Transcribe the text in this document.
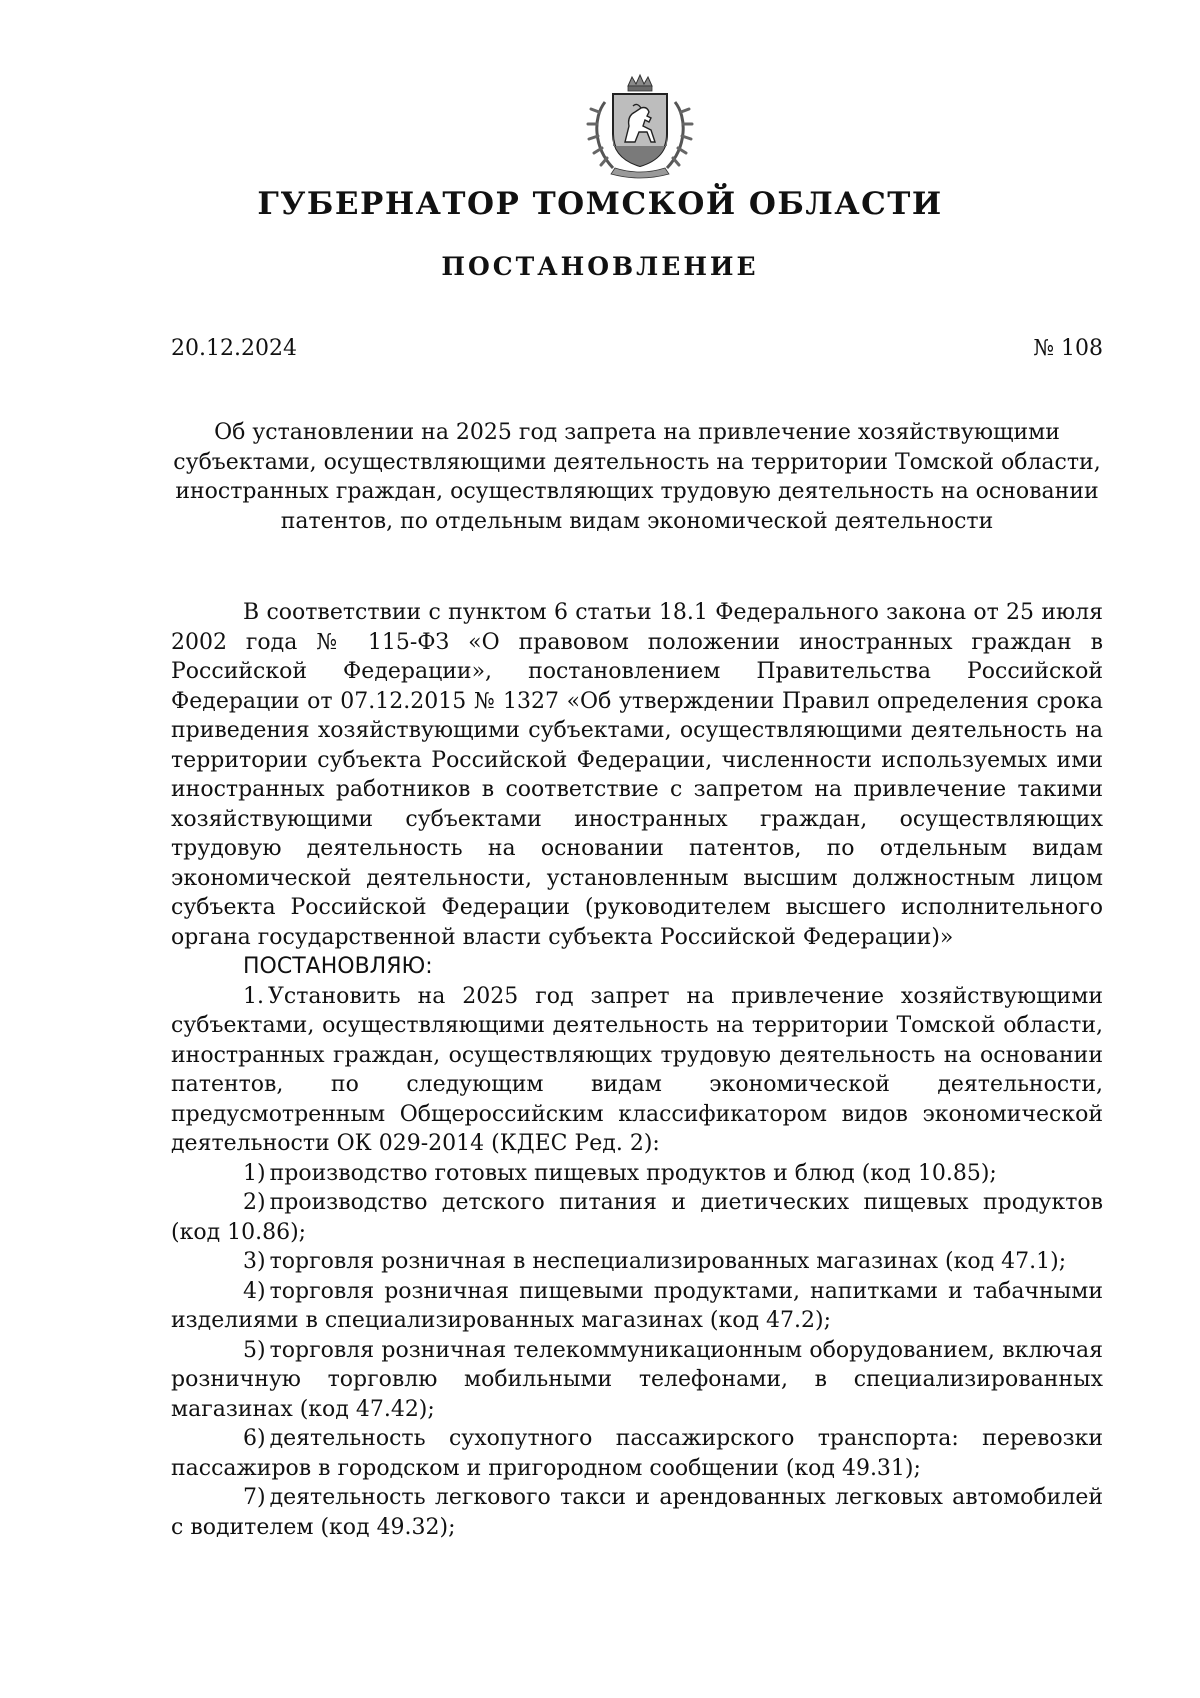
ГУБЕРНАТОР ТОМСКОЙ ОБЛАСТИ
ПОСТАНОВЛЕНИЕ
20.12.2024	№ 108
Об установлении на 2025 год запрета на привлечение хозяйствующими субъектами, осуществляющими деятельность на территории Томской области, иностранных граждан, осуществляющих трудовую деятельность на основании патентов, по отдельным видам экономической деятельности

В соответствии с пунктом 6 статьи 18.1 Федерального закона от 25 июля 2002 года № 115-ФЗ «О правовом положении иностранных граждан в Российской Федерации», постановлением Правительства Российской Федерации от 07.12.2015 № 1327 «Об утверждении Правил определения срока приведения хозяйствующими субъектами, осуществляющими деятельность на территории субъекта Российской Федерации, численности используемых ими иностранных работников в соответствие с запретом на привлечение такими хозяйствующими субъектами иностранных граждан, осуществляющих трудовую деятельность на основании патентов, по отдельным видам экономической деятельности, установленным высшим должностным лицом субъекта Российской Федерации (руководителем высшего исполнительного органа государственной власти субъекта Российской Федерации)»

ПОСТАНОВЛЯЮ:

1. Установить на 2025 год запрет на привлечение хозяйствующими субъектами, осуществляющими деятельность на территории Томской области, иностранных граждан, осуществляющих трудовую деятельность на основании патентов, по следующим видам экономической деятельности, предусмотренным Общероссийским классификатором видов экономической деятельности ОК 029-2014 (КДЕС Ред. 2):

1) производство готовых пищевых продуктов и блюд (код 10.85);

2) производство детского питания и диетических пищевых продуктов (код 10.86);

3) торговля розничная в неспециализированных магазинах (код 47.1);

4) торговля розничная пищевыми продуктами, напитками и табачными изделиями в специализированных магазинах (код 47.2);

5) торговля розничная телекоммуникационным оборудованием, включая розничную торговлю мобильными телефонами, в специализированных магазинах (код 47.42);

6) деятельность сухопутного пассажирского транспорта: перевозки пассажиров в городском и пригородном сообщении (код 49.31);

7) деятельность легкового такси и арендованных легковых автомобилей с водителем (код 49.32);
